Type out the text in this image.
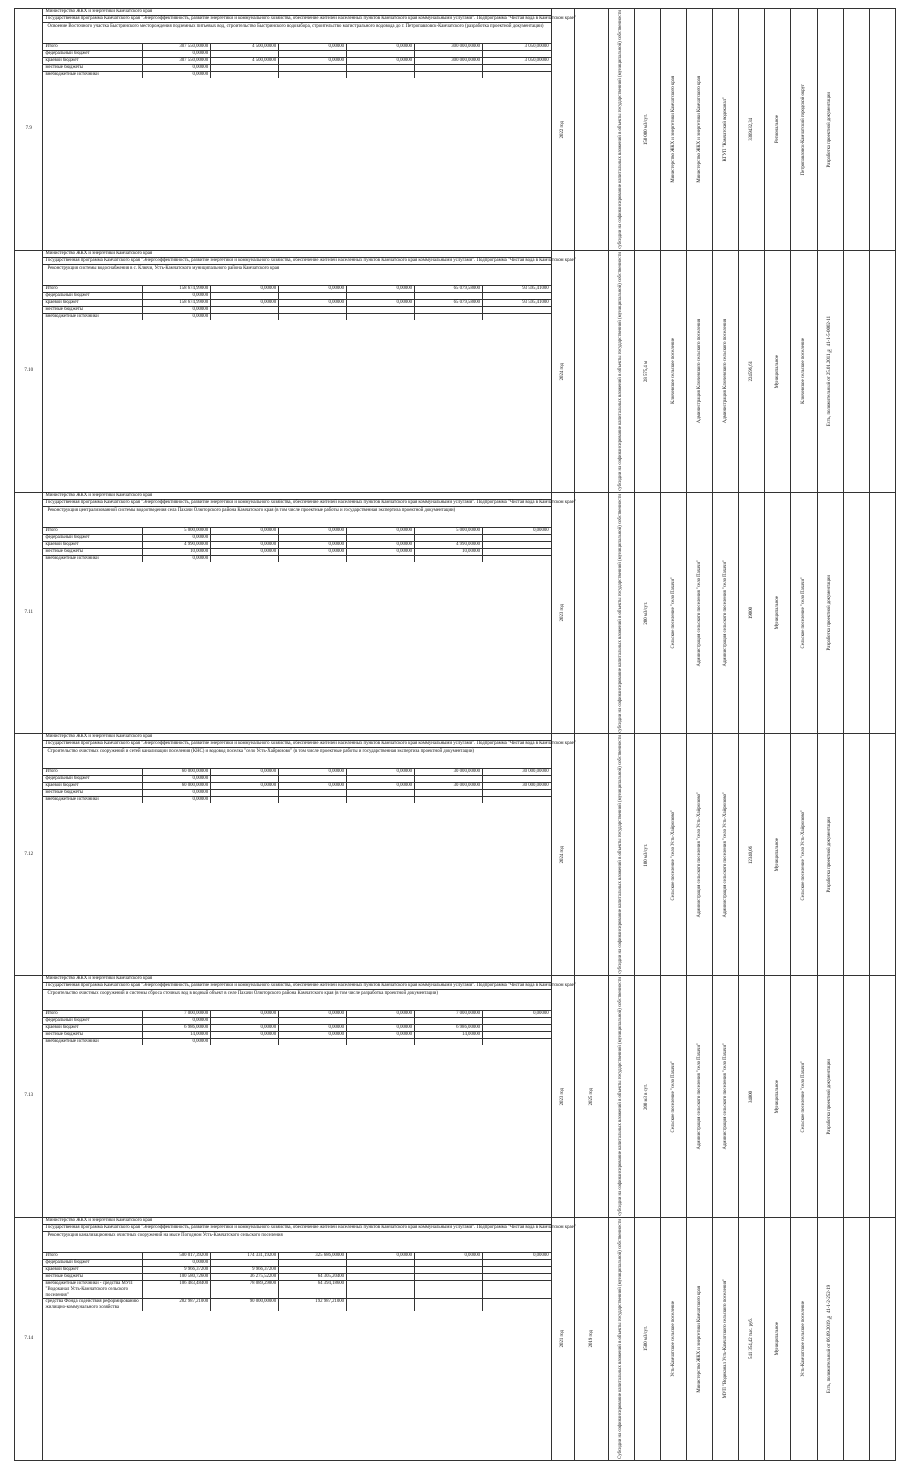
7.9	
Министерство ЖКХ и энергетики Камчатского края
Государственная программа Камчатского края "Энергоэффективность, развитие энергетики и коммунального хозяйства, обеспечение жителей населенных пунктов Камчатского края коммунальными услугами". Подпрограмма "Чистая вода в Камчатском крае"

Освоение Восточного участка Быстринского месторождения подземных питьевых вод, строительство Быстринского водозабора, строительство магистрального водовода до г. Петропавловск-Камчатского (разработка проектной документации)

Итого	307 550,00000	4 500,00000	0,00000	0,00000	300 000,00000	3 050,00000
федеральный бюджет	0,00000					
краевой бюджет	307 550,00000	4 500,00000	0,00000	0,00000	300 000,00000	3 050,00000
местные бюджеты	0,00000					
внебюджетные источники	0,00000					

2022 год		субсидии на софинансирование капитальных вложений в объекты государственной (муниципальной) собственности	150 000 м3/сут.	Министерство ЖКХ и энергетики Камчатского края	Министерство ЖКХ и энергетики Камчатского края	КГУП "Камчатский водоканал"	3389432,34	Региональное	Петропавловск-Камчатский городской округ	Разработка проектной документации

7.10	
Министерство ЖКХ и энергетики Камчатского края
Государственная программа Камчатского края "Энергоэффективность, развитие энергетики и коммунального хозяйства, обеспечение жителей населенных пунктов Камчатского края коммунальными услугами". Подпрограмма "Чистая вода в Камчатском крае"

Реконструкция системы водоснабжения в с. Ключи, Усть-Камчатского муниципального района Камчатского края

Итого	158 674,99000	0,00000	0,00000	0,00000	65 079,58000	93 595,41000
федеральный бюджет	0,00000					
краевой бюджет	158 674,99000	0,00000	0,00000	0,00000	65 079,58000	93 595,41000
местные бюджеты	0,00000					
внебюджетные источники	0,00000					

2024 год		субсидии на софинансирование капитальных вложений в объекты государственной (муниципальной) собственности	28 575,4 м	Ключевское сельское поселение	Администрация Ключевского сельского поселения	Администрация Ключевского сельского поселения	224596,61	Муниципальное	Ключевское сельское поселение	Есть, положительный от 25.01.2011 № 41-1-5-0002-11

7.11	
Министерство ЖКХ и энергетики Камчатского края
Государственная программа Камчатского края "Энергоэффективность, развитие энергетики и коммунального хозяйства, обеспечение жителей населенных пунктов Камчатского края коммунальными услугами". Подпрограмма "Чистая вода в Камчатском крае"

Реконструкция централизованной системы водоотведения села Пахачи Олюторского района Камчатского края (в том числе проектные работы и государственная экспертиза проектной документации)

Итого	5 000,00000	0,00000	0,00000	0,00000	5 000,00000	0,00000
федеральный бюджет	0,00000					
краевой бюджет	4 990,00000	0,00000	0,00000	0,00000	4 990,00000	
местные бюджеты	10,00000	0,00000	0,00000	0,00000	10,00000	
внебюджетные источники	0,00000					

2023 год		субсидии на софинансирование капитальных вложений в объекты государственной (муниципальной) собственности	200 м3/сут.	Сельское поселение "село Пахачи"	Администрация сельского поселения "село Пахачи"	Администрация сельского поселения "село Пахачи"	19000	Муниципальное	Сельское поселение "село Пахачи"	Разработка проектной документации

7.12	
Министерство ЖКХ и энергетики Камчатского края
Государственная программа Камчатского края "Энергоэффективность, развитие энергетики и коммунального хозяйства, обеспечение жителей населенных пунктов Камчатского края коммунальными услугами". Подпрограмма "Чистая вода в Камчатском крае"

Строительство очистных сооружений и сетей канализации поселения (КНС) и водовод поселка "село Усть-Хайрюзово" (в том числе проектные работы и государственная экспертиза проектной документации)

Итого	60 000,00000	0,00000	0,00000	0,00000	30 000,00000	30 000,00000
федеральный бюджет	0,00000					
краевой бюджет	60 000,00000	0,00000	0,00000	0,00000	30 000,00000	30 000,00000
местные бюджеты	0,00000					
внебюджетные источники	0,00000					

2024 год		субсидии на софинансирование капитальных вложений в объекты государственной (муниципальной) собственности	100 м3/сут.	Сельское поселение "село Усть-Хайрюзово"	Администрация сельского поселения "село Усть-Хайрюзово"	Администрация сельского поселения "село Усть-Хайрюзово"	12340,06	Муниципальное	Сельское поселение "село Усть-Хайрюзово"	Разработка проектной документации

7.13	
Министерство ЖКХ и энергетики Камчатского края
Государственная программа Камчатского края "Энергоэффективность, развитие энергетики и коммунального хозяйства, обеспечение жителей населенных пунктов Камчатского края коммунальными услугами". Подпрограмма "Чистая вода в Камчатском крае"

Строительство очистных сооружений и системы сброса сточных вод в водный объект в селе Пахачи Олюторского района Камчатского края (в том числе разработка проектной документации)

Итого	7 000,00000	0,00000	0,00000	0,00000	7 000,00000	0,00000
федеральный бюджет	0,00000					
краевой бюджет	6 986,00000	0,00000	0,00000	0,00000	6 986,00000	
местные бюджеты	14,00000	0,00000	0,00000	0,00000	14,00000	
внебюджетные источники	0,00000					

2023 год	2025 год	субсидии на софинансирование капитальных вложений в объекты государственной (муниципальной) собственности	200 м3 в сут.	Сельское поселение "село Пахачи"	Администрация сельского поселения "село Пахачи"	Администрация сельского поселения "село Пахачи"	34000	Муниципальное	Сельское поселение "село Пахачи"	Разработка проектной документации

7.14	
Министерство ЖКХ и энергетики Камчатского края
Государственная программа Камчатского края "Энергоэффективность, развитие энергетики и коммунального хозяйства, обеспечение жителей населенных пунктов Камчатского края коммунальными услугами". Подпрограмма "Чистая вода в Камчатском крае"

Реконструкция канализационных очистных сооружений на мысе Погодном Усть-Камчатского сельского поселения

Итого	500 017,39200	174 331,19200	325 686,00000	0,00000	0,00000	0,00000
федеральный бюджет	0,00000					
краевой бюджет	9 966,37200	9 966,37200				
местные бюджеты	100 580,72600	36 275,52200	64 305,20400			
внебюджетные источники - средства МУП "Водоканал Усть-Камчатского сельского поселения"	106 483,48400	78 089,29800	64 394,18600			
средства Фонда содействия реформированию жилищно-коммунального хозяйства	282 987,21000	90 000,00000	192 987,21000			

2021 год	2019 год	Субсидии на софинансирование капитальных вложений в объекты государственной (муниципальной) собственности	1500 м3/сут.	Усть-Камчатское сельское поселение	Министерство ЖКХ и энергетики Камчатского края	МУП "Водоканал Усть-Камчатского сельского поселения"	541 354,42 тыс. руб.	Муниципальное	Усть-Камчатское сельское поселение	Есть, положительный от 06.09.2019 № 41-1-2-252-19
